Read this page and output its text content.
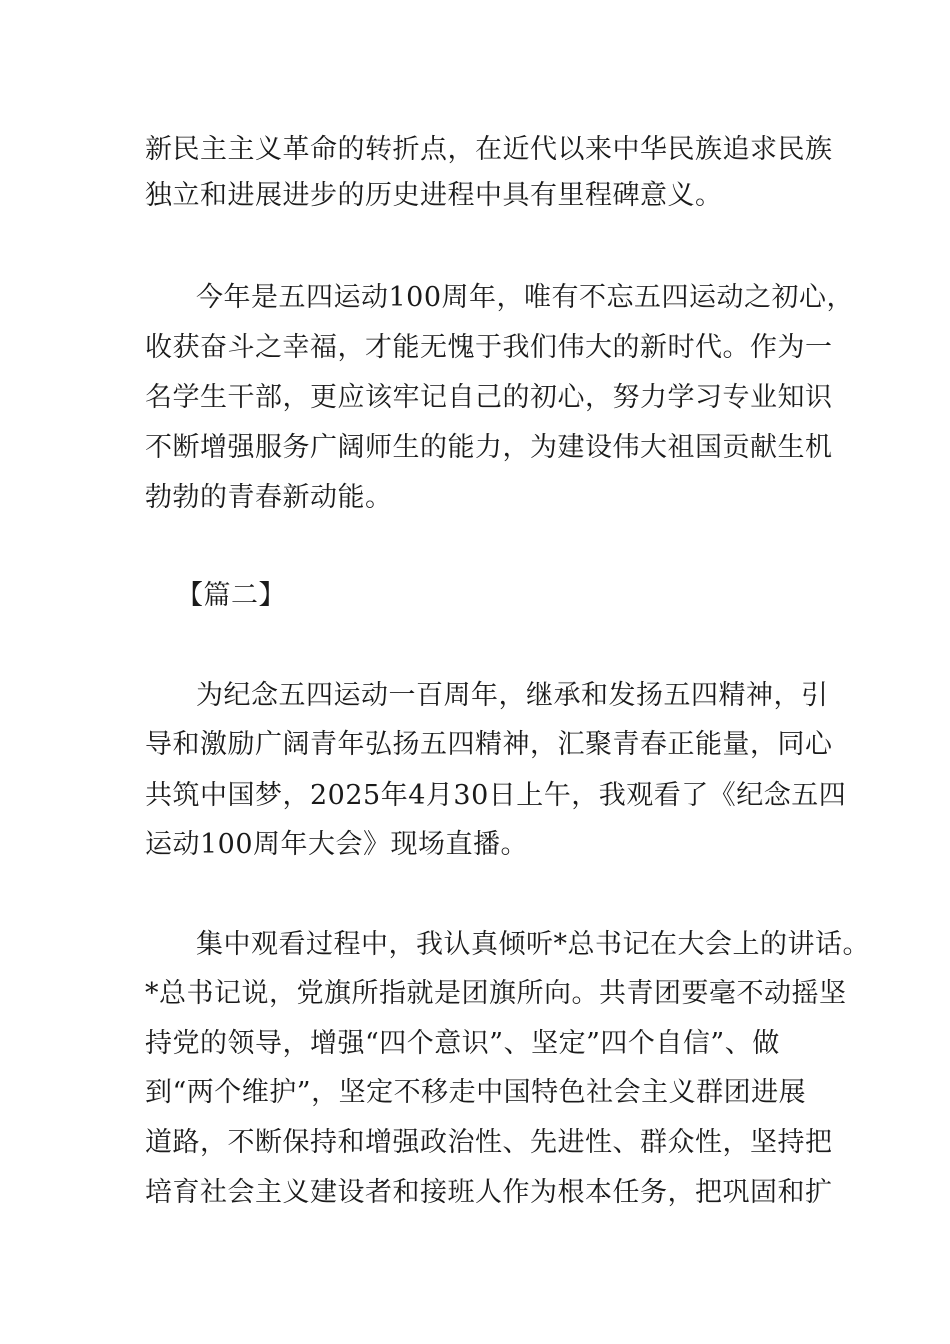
新民主主义革命的转折点，在近代以来中华民族追求民族
独立和进展进步的历史进程中具有里程碑意义。
今年是五四运动100周年，唯有不忘五四运动之初心，
收获奋斗之幸福，才能无愧于我们伟大的新时代。作为一
名学生干部，更应该牢记自己的初心，努力学习专业知识
不断增强服务广阔师生的能力，为建设伟大祖国贡献生机
勃勃的青春新动能。
【篇二】
为纪念五四运动一百周年，继承和发扬五四精神，引
导和激励广阔青年弘扬五四精神，汇聚青春正能量，同心
共筑中国梦，2025年4月30日上午，我观看了《纪念五四
运动100周年大会》现场直播。
集中观看过程中，我认真倾听*总书记在大会上的讲话。
*总书记说，党旗所指就是团旗所向。共青团要毫不动摇坚
持党的领导，增强“四个意识”、坚定”四个自信”、做
到“两个维护”，坚定不移走中国特色社会主义群团进展
道路，不断保持和增强政治性、先进性、群众性，坚持把
培育社会主义建设者和接班人作为根本任务，把巩固和扩
